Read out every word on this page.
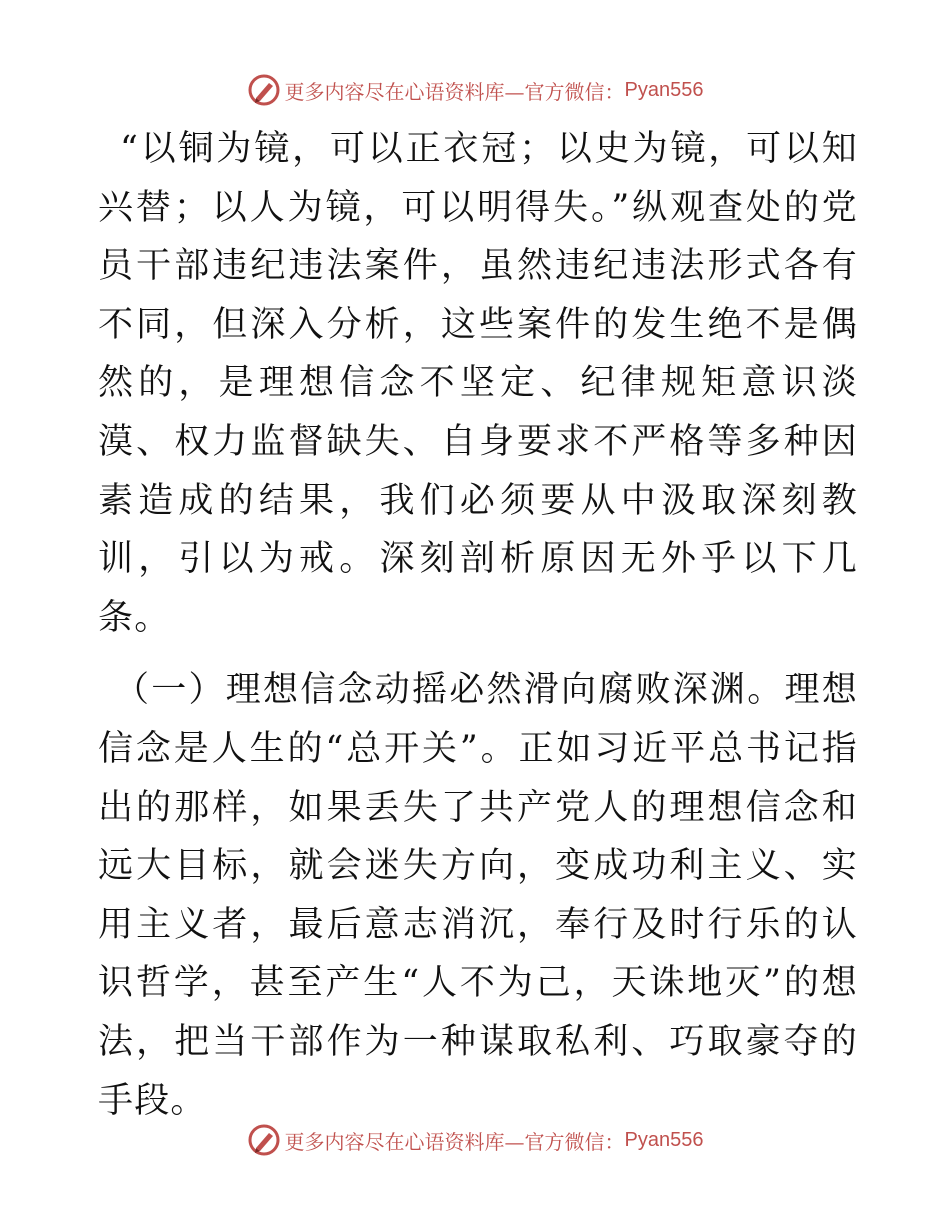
更多内容尽在心语资料库—官方微信： Pyan556

“以铜为镜，可以正衣冠；以史为镜，可以知兴替；以人为镜，可以明得失。”纵观查处的党员干部违纪违法案件，虽然违纪违法形式各有不同，但深入分析，这些案件的发生绝不是偶然的，是理想信念不坚定、纪律规矩意识淡漠、权力监督缺失、自身要求不严格等多种因素造成的结果，我们必须要从中汲取深刻教训，引以为戒。深刻剖析原因无外乎以下几条。

（一）理想信念动摇必然滑向腐败深渊。理想信念是人生的“总开关”。正如习近平总书记指出的那样，如果丢失了共产党人的理想信念和远大目标，就会迷失方向，变成功利主义、实用主义者，最后意志消沉，奉行及时行乐的认识哲学，甚至产生“人不为己，天诛地灭”的想法，把当干部作为一种谋取私利、巧取豪夺的手段。

更多内容尽在心语资料库—官方微信： Pyan556
